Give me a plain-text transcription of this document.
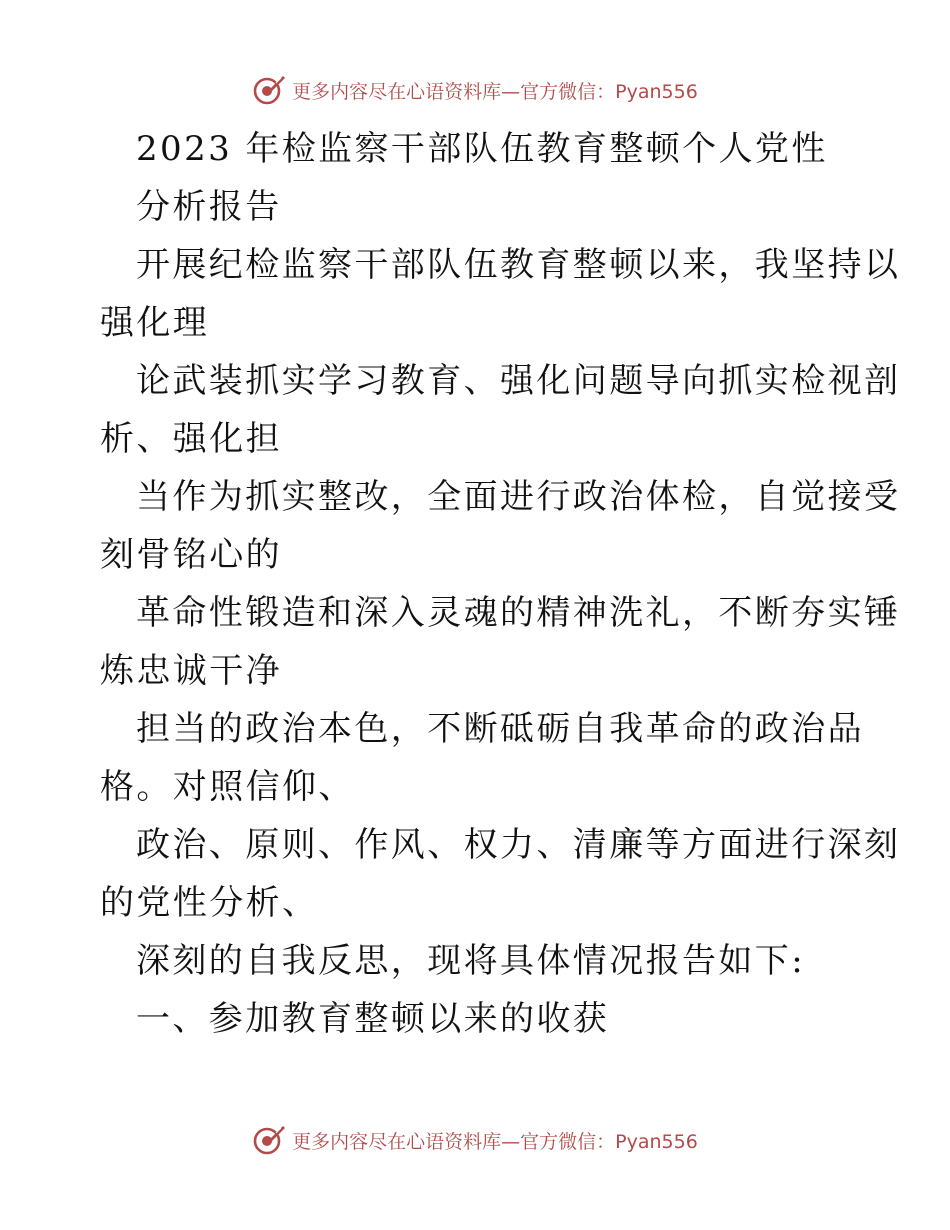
更多内容尽在心语资料库—官方微信：Pyan556
2023 年检监察干部队伍教育整顿个人党性
分析报告
开展纪检监察干部队伍教育整顿以来，我坚持以
强化理
论武装抓实学习教育、强化问题导向抓实检视剖
析、强化担
当作为抓实整改，全面进行政治体检，自觉接受
刻骨铭心的
革命性锻造和深入灵魂的精神洗礼，不断夯实锤
炼忠诚干净
担当的政治本色，不断砥砺自我革命的政治品
格。对照信仰、
政治、原则、作风、权力、清廉等方面进行深刻
的党性分析、
深刻的自我反思，现将具体情况报告如下:
一、参加教育整顿以来的收获
更多内容尽在心语资料库—官方微信：Pyan556
